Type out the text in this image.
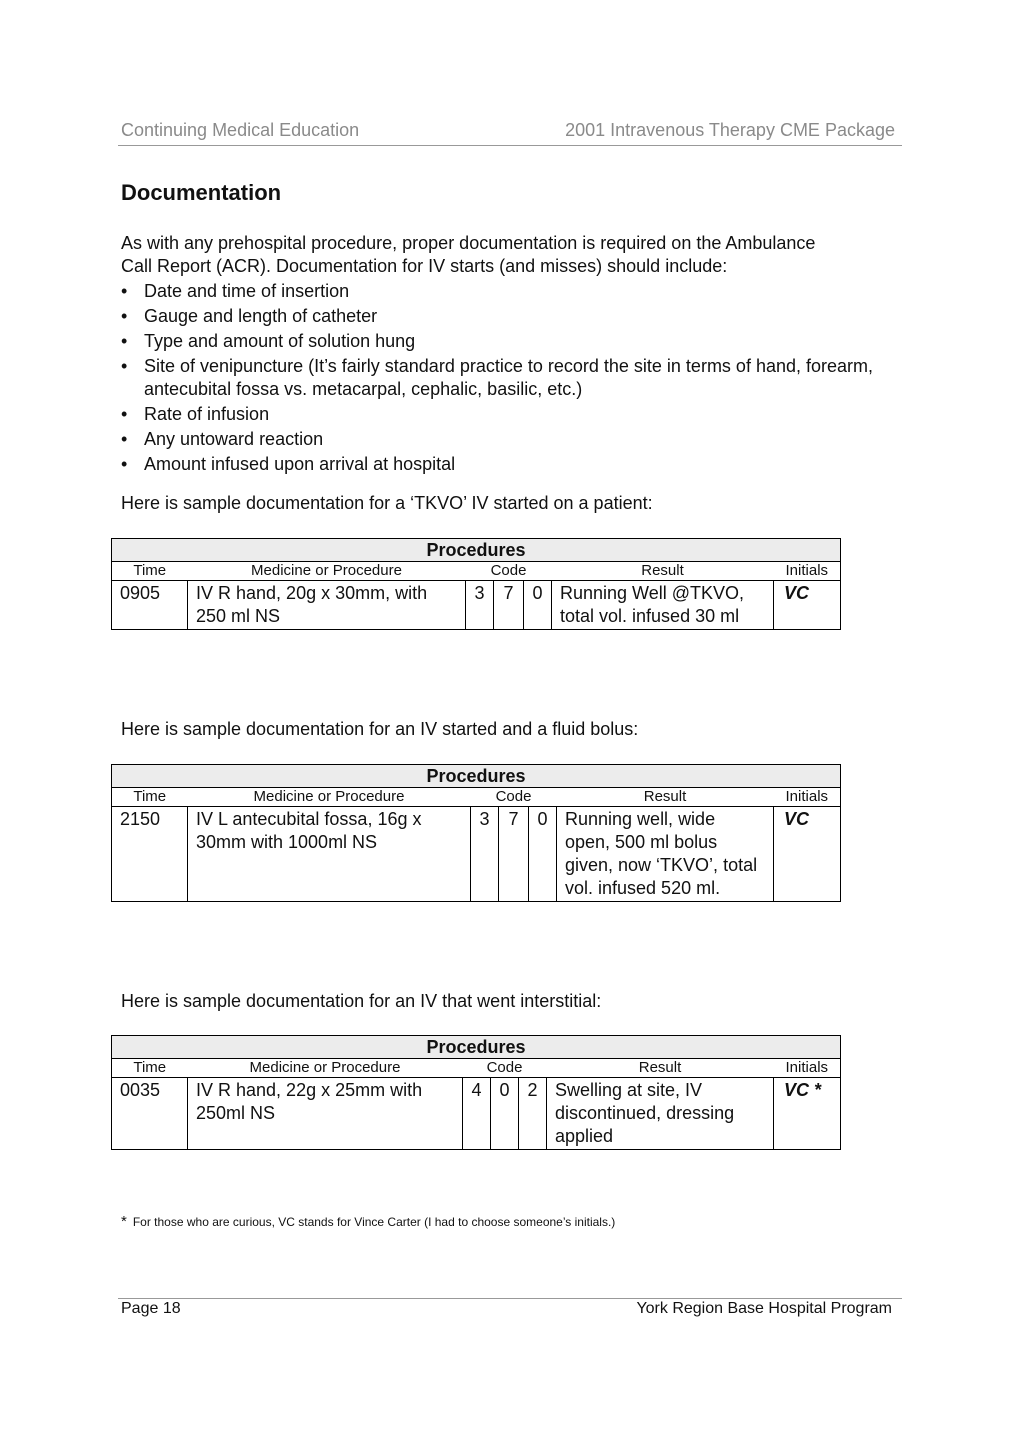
Continuing Medical Education	2001 Intravenous Therapy CME Package
Documentation

As with any prehospital procedure, proper documentation is required on the Ambulance

Call Report (ACR). Documentation for IV starts (and misses) should include:

• Date and time of insertion
• Gauge and length of catheter
• Type and amount of solution hung
• Site of venipuncture (It’s fairly standard practice to record the site in terms of hand, forearm, antecubital fossa vs. metacarpal, cephalic, basilic, etc.)
• Rate of infusion
• Any untoward reaction
• Amount infused upon arrival at hospital

Here is sample documentation for a ‘TKVO’ IV started on a patient:

Procedures						
Time	Medicine or Procedure	Code			Result	Initials
0905	IV R hand, 20g x 30mm, with 250 ml NS	3	7	0	Running Well @TKVO, total vol. infused 30 ml	VC

Here is sample documentation for an IV started and a fluid bolus:

Procedures						
Time	Medicine or Procedure	Code			Result	Initials
2150	IV L antecubital fossa, 16g x 30mm with 1000ml NS	3	7	0	Running well, wide open, 500 ml bolus given, now ‘TKVO’, total vol. infused 520 ml.	VC

Here is sample documentation for an IV that went interstitial:

Procedures						
Time	Medicine or Procedure	Code			Result	Initials
0035	IV R hand, 22g x 25mm with 250ml NS	4	0	2	Swelling at site, IV discontinued, dressing applied	VC *

* For those who are curious, VC stands for Vince Carter (I had to choose someone’s initials.)

Page 18	York Region Base Hospital Program
